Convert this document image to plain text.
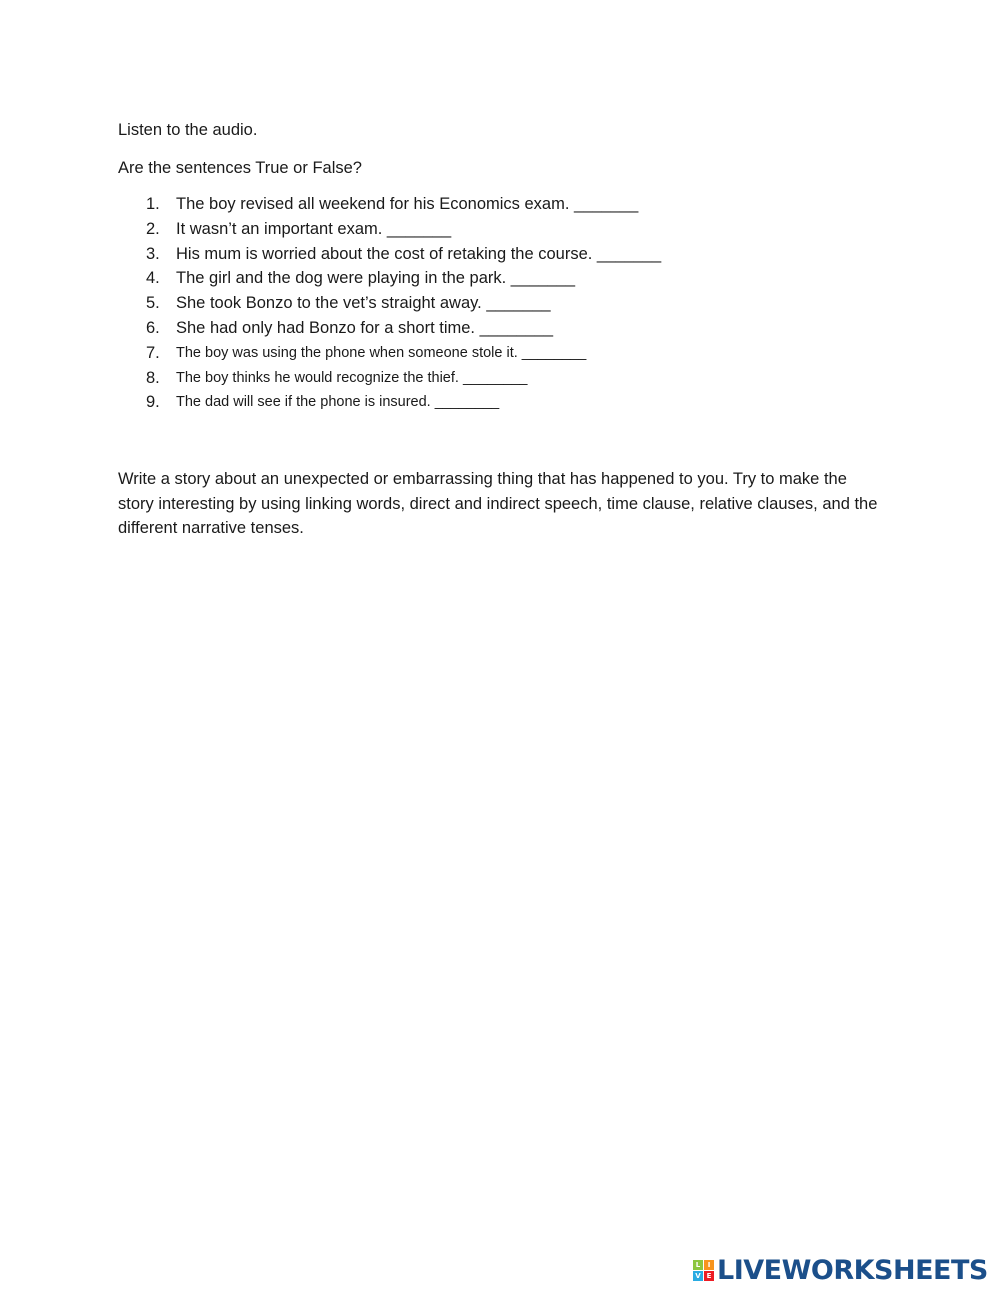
Listen to the audio.

Are the sentences True or False?

1. The boy revised all weekend for his Economics exam. _______
2. It wasn’t an important exam. _______
3. His mum is worried about the cost of retaking the course. _______
4. The girl and the dog were playing in the park. _______
5. She took Bonzo to the vet’s straight away. _______
6. She had only had Bonzo for a short time. ________
7. The boy was using the phone when someone stole it. ________
8. The boy thinks he would recognize the thief. ________
9. The dad will see if the phone is insured. ________

Write a story about an unexpected or embarrassing thing that has happened to you. Try to make the story interesting by using linking words, direct and indirect speech, time clause, relative clauses, and the different narrative tenses.

L	I
V E LIVEWORKSHEETS
